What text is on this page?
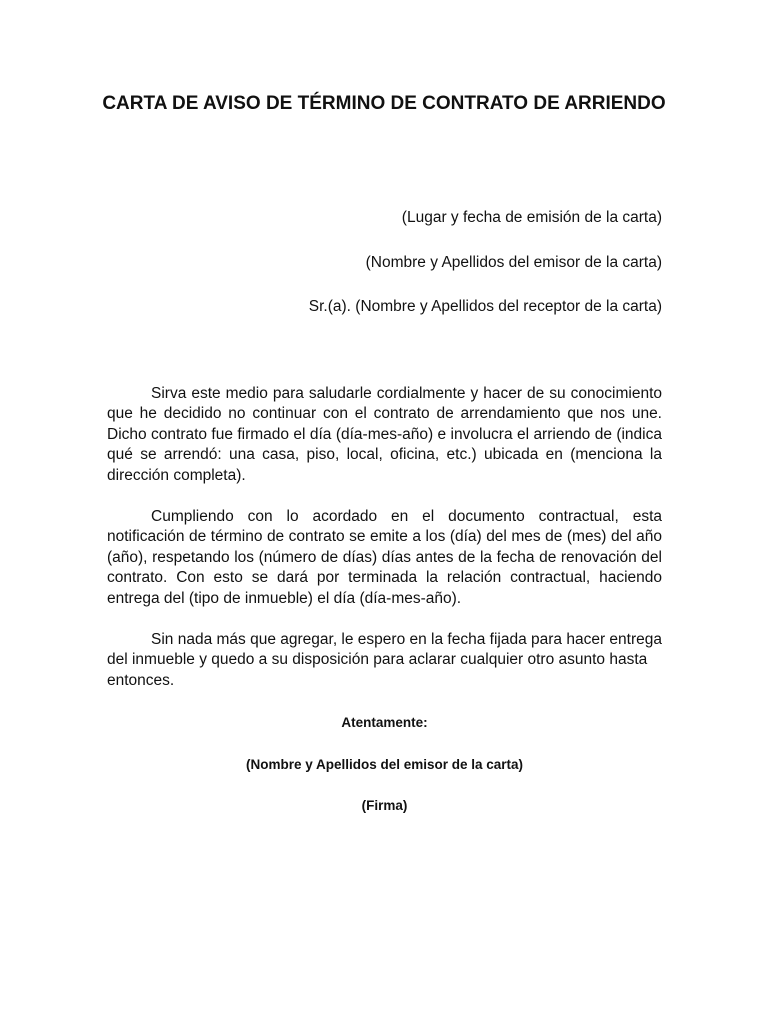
CARTA DE AVISO DE TÉRMINO DE CONTRATO DE ARRIENDO

(Lugar y fecha de emisión de la carta)

(Nombre y Apellidos del emisor de la carta)

Sr.(a). (Nombre y Apellidos del receptor de la carta)

Sirva este medio para saludarle cordialmente y hacer de su conocimiento que he decidido no continuar con el contrato de arrendamiento que nos une. Dicho contrato fue firmado el día (día-mes-año) e involucra el arriendo de (indica qué se arrendó: una casa, piso, local, oficina, etc.) ubicada en (menciona la dirección completa).

Cumpliendo con lo acordado en el documento contractual, esta notificación de término de contrato se emite a los (día) del mes de (mes) del año (año), respetando los (número de días) días antes de la fecha de renovación del contrato. Con esto se dará por terminada la relación contractual, haciendo entrega del (tipo de inmueble) el día (día-mes-año).

Sin nada más que agregar, le espero en la fecha fijada para hacer entrega del inmueble y quedo a su disposición para aclarar cualquier otro asunto hasta entonces.

Atentamente:

(Nombre y Apellidos del emisor de la carta)

(Firma)
